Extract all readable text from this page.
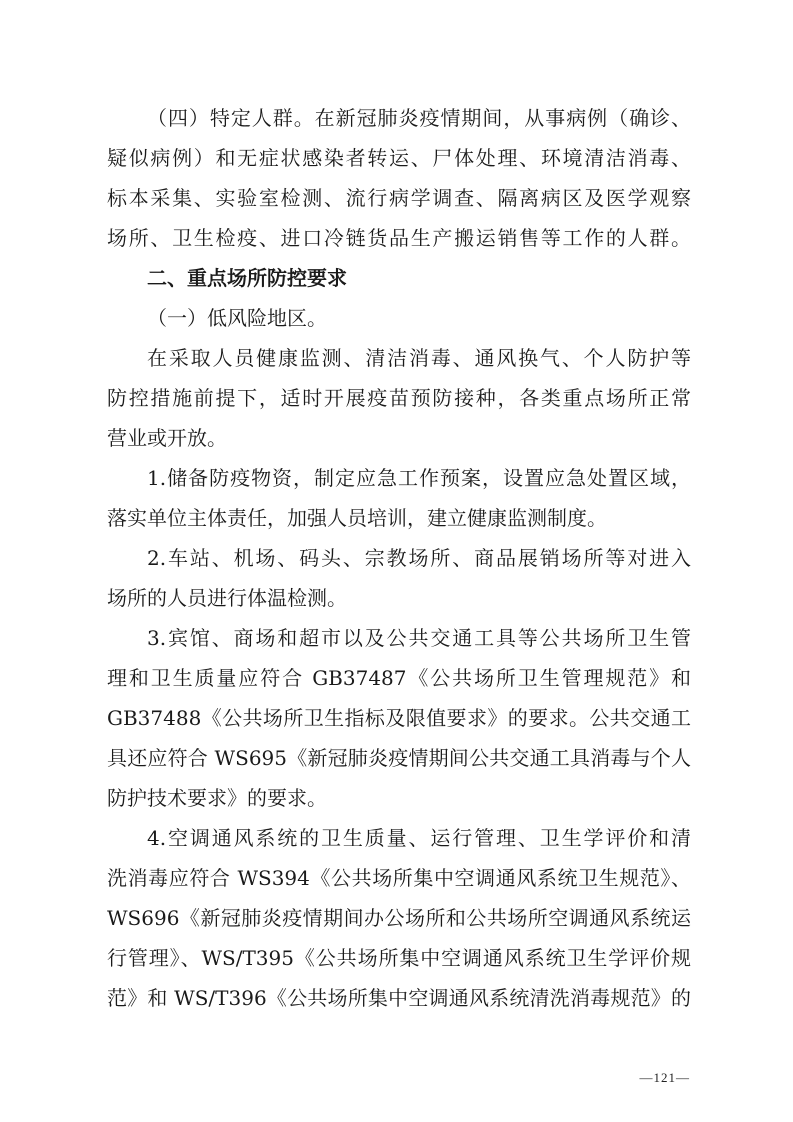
（四）特定人群。在新冠肺炎疫情期间，从事病例（确诊、
疑似病例）和无症状感染者转运、尸体处理、环境清洁消毒、
标本采集、实验室检测、流行病学调查、隔离病区及医学观察
场所、卫生检疫、进口冷链货品生产搬运销售等工作的人群。
二、重点场所防控要求
（一）低风险地区。
在采取人员健康监测、清洁消毒、通风换气、个人防护等
防控措施前提下，适时开展疫苗预防接种，各类重点场所正常
营业或开放。
1.储备防疫物资，制定应急工作预案，设置应急处置区域，
落实单位主体责任，加强人员培训，建立健康监测制度。
2.车站、机场、码头、宗教场所、商品展销场所等对进入
场所的人员进行体温检测。
3.宾馆、商场和超市以及公共交通工具等公共场所卫生管
理和卫生质量应符合 GB37487《公共场所卫生管理规范》和
GB37488《公共场所卫生指标及限值要求》的要求。公共交通工
具还应符合 WS695《新冠肺炎疫情期间公共交通工具消毒与个人
防护技术要求》的要求。
4.空调通风系统的卫生质量、运行管理、卫生学评价和清
洗消毒应符合 WS394《公共场所集中空调通风系统卫生规范》、
WS696《新冠肺炎疫情期间办公场所和公共场所空调通风系统运
行管理》、WS/T395《公共场所集中空调通风系统卫生学评价规
范》和 WS/T396《公共场所集中空调通风系统清洗消毒规范》的
—121—
